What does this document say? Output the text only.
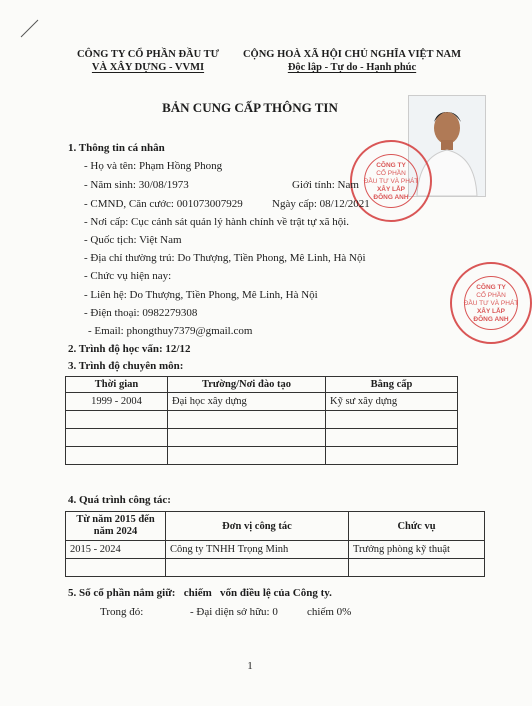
CÔNG TY CỔ PHẦN ĐẦU TƯ
VÀ XÂY DỰNG - VVMI
CỘNG HOÀ XÃ HỘI CHỦ NGHĨA VIỆT NAM
Độc lập - Tự do - Hạnh phúc
BẢN CUNG CẤP THÔNG TIN
CÔNG TY
CỔ PHẦN
ĐẦU TƯ VÀ PHÁT
XÂY LẮP
ĐÔNG ANH
CÔNG TY
CỔ PHẦN
ĐẦU TƯ VÀ PHÁT
XÂY LẮP
ĐÔNG ANH
1. Thông tin cá nhân
- Họ và tên: Phạm Hồng Phong
- Năm sinh: 30/08/1973	Giới tính: Nam
- CMND, Căn cước: 001073007929	Ngày cấp: 08/12/2021
- Nơi cấp: Cục cảnh sát quản lý hành chính về trật tự xã hội.
- Quốc tịch: Việt Nam
- Địa chỉ thường trú: Do Thượng, Tiền Phong, Mê Linh, Hà Nội
- Chức vụ hiện nay:
- Liên hệ: Do Thượng, Tiền Phong, Mê Linh, Hà Nội
- Điện thoại: 0982279308
- Email: phongthuy7379@gmail.com
2. Trình độ học vấn: 12/12
3. Trình độ chuyên môn:
Thời gian	Trường/Nơi đào tạo	Bằng cấp
1999 - 2004	Đại học xây dựng	Kỹ sư xây dựng

4. Quá trình công tác:
Từ năm 2015 đến năm 2024	Đơn vị công tác	Chức vụ
2015 - 2024	Công ty TNHH Trọng Minh	Trưởng phòng kỹ thuật

5. Số cổ phần nắm giữ:   chiếm   vốn điều lệ của Công ty.
Trong đó:	- Đại diện sở hữu: 0	chiếm 0%
1
